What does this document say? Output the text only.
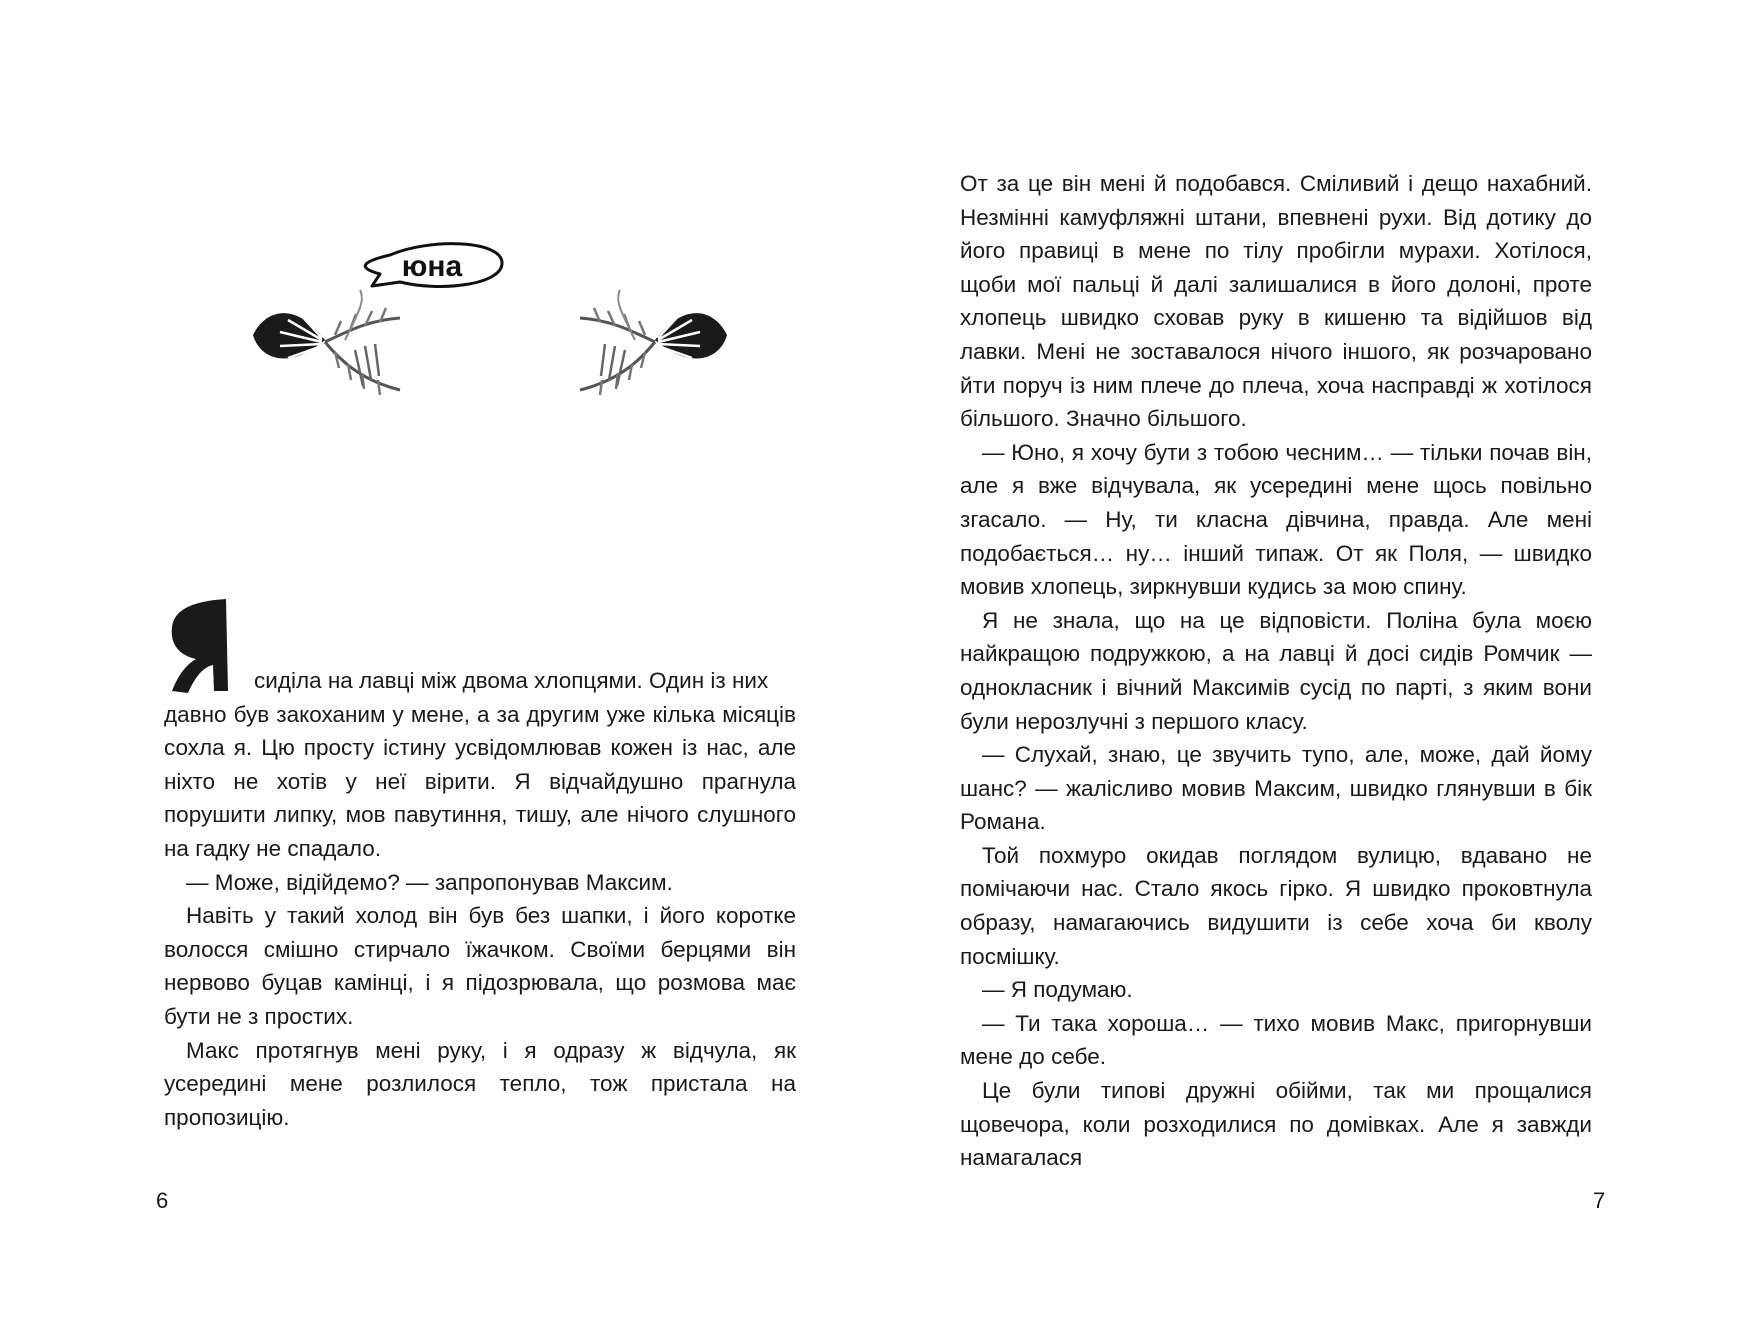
юна
Я

сиділа на лавці між двома хлопцями. Один із них

давно був закоханим у мене, а за другим уже кілька місяців сохла я. Цю просту істину усвідомлював кожен із нас, але ніхто не хотів у неї вірити. Я відчайдушно прагнула порушити липку, мов павутиння, тишу, але нічого слушного на гадку не спадало.

— Може, відійдемо? — запропонував Максим.

Навіть у такий холод він був без шапки, і його коротке волосся смішно стирчало їжачком. Своїми берцями він нервово буцав камінці, і я підозрювала, що розмова має бути не з простих.

Макс протягнув мені руку, і я одразу ж відчула, як усередині мене розлилося тепло, тож пристала на пропозицію.

6

От за це він мені й подобався. Сміливий і дещо нахабний. Незмінні камуфляжні штани, впевнені рухи. Від дотику до його правиці в мене по тілу пробігли мурахи. Хотілося, щоби мої пальці й далі залишалися в його долоні, проте хлопець швидко сховав руку в кишеню та відійшов від лавки. Мені не зоставалося нічого іншого, як розчаровано йти поруч із ним плече до плеча, хоча насправді ж хотілося більшого. Значно більшого.

— Юно, я хочу бути з тобою чесним… — тільки почав він, але я вже відчувала, як усередині мене щось повільно згасало. — Ну, ти класна дівчина, правда. Але мені подобається… ну… інший типаж. От як Поля, — швидко мовив хлопець, зиркнувши кудись за мою спину.

Я не знала, що на це відповісти. Поліна була моєю найкращою подружкою, а на лавці й досі сидів Ромчик — однокласник і вічний Максимів сусід по парті, з яким вони були нерозлучні з першого класу.

— Слухай, знаю, це звучить тупо, але, може, дай йому шанс? — жалісливо мовив Максим, швидко глянувши в бік Романа.

Той похмуро окидав поглядом вулицю, вдавано не помічаючи нас. Стало якось гірко. Я швидко проковтнула образу, намагаючись видушити із себе хоча би кволу посмішку.

— Я подумаю.

— Ти така хороша… — тихо мовив Макс, пригорнувши мене до себе.

Це були типові дружні обійми, так ми прощалися щовечора, коли розходилися по домівках. Але я завжди намагалася

7
